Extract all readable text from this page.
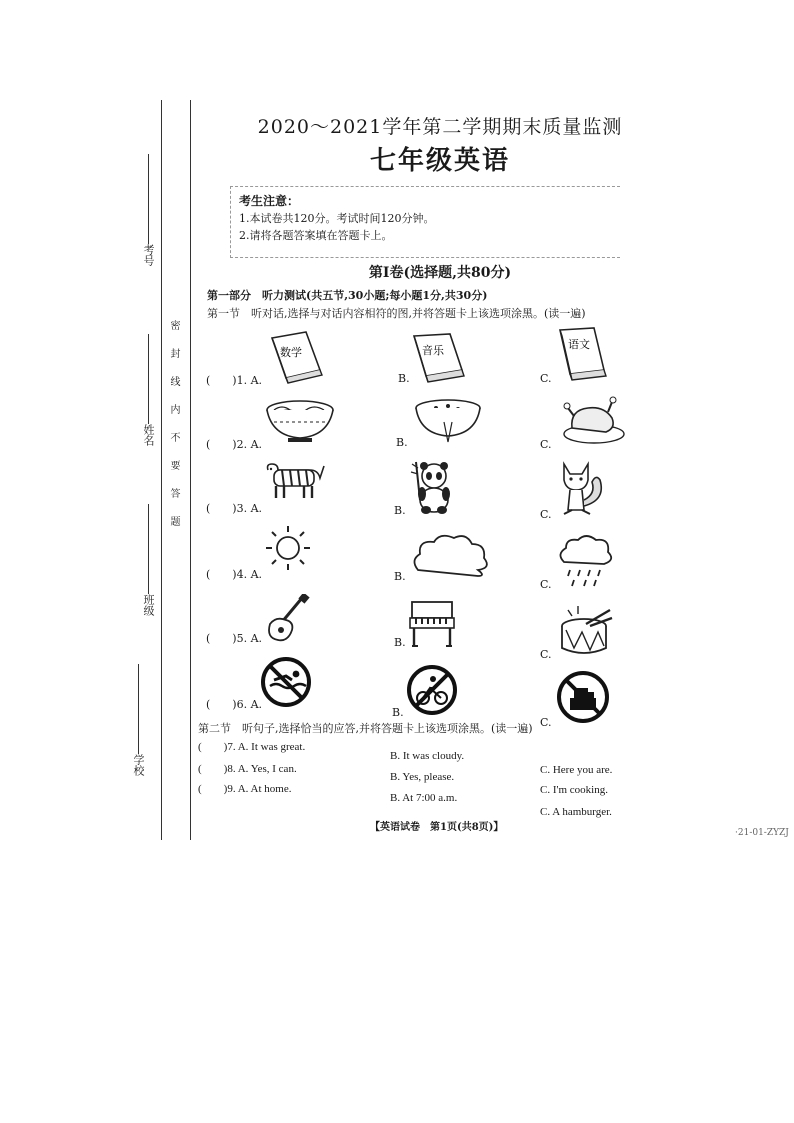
考号
姓名
班级
学校
密封线内不要答题
2020～2021学年第二学期期末质量监测
七年级英语
考生注意：
1.本试卷共120分。考试时间120分钟。
2.请将各题答案填在答题卡上。
第Ⅰ卷(选择题,共80分)
第一部分　听力测试(共五节,30小题;每小题1分,共30分)
第一节　听对话,选择与对话内容相符的图,并将答题卡上该选项涂黑。(读一遍)
(　　)1. A.
数学
B.
音乐
C.
语文
(　　)2. A.	B.	C.
(　　)3. A.	B.	C.
(　　)4. A.	B.
C.
(　　)5. A.	B.
C.
(　　)6. A.
B.
C.
第二节　听句子,选择恰当的应答,并将答题卡上该选项涂黑。(读一遍)
(　　)7. A. It was great.
B. It was cloudy.
C. Here you are.
(　　)8. A. Yes, I can.
B. Yes, please.
C. I'm cooking.
(　　)9. A. At home.
B. At 7:00 a.m.
C. A hamburger.
【英语试卷　第1页(共8页)】	·21-01-ZYZJ
